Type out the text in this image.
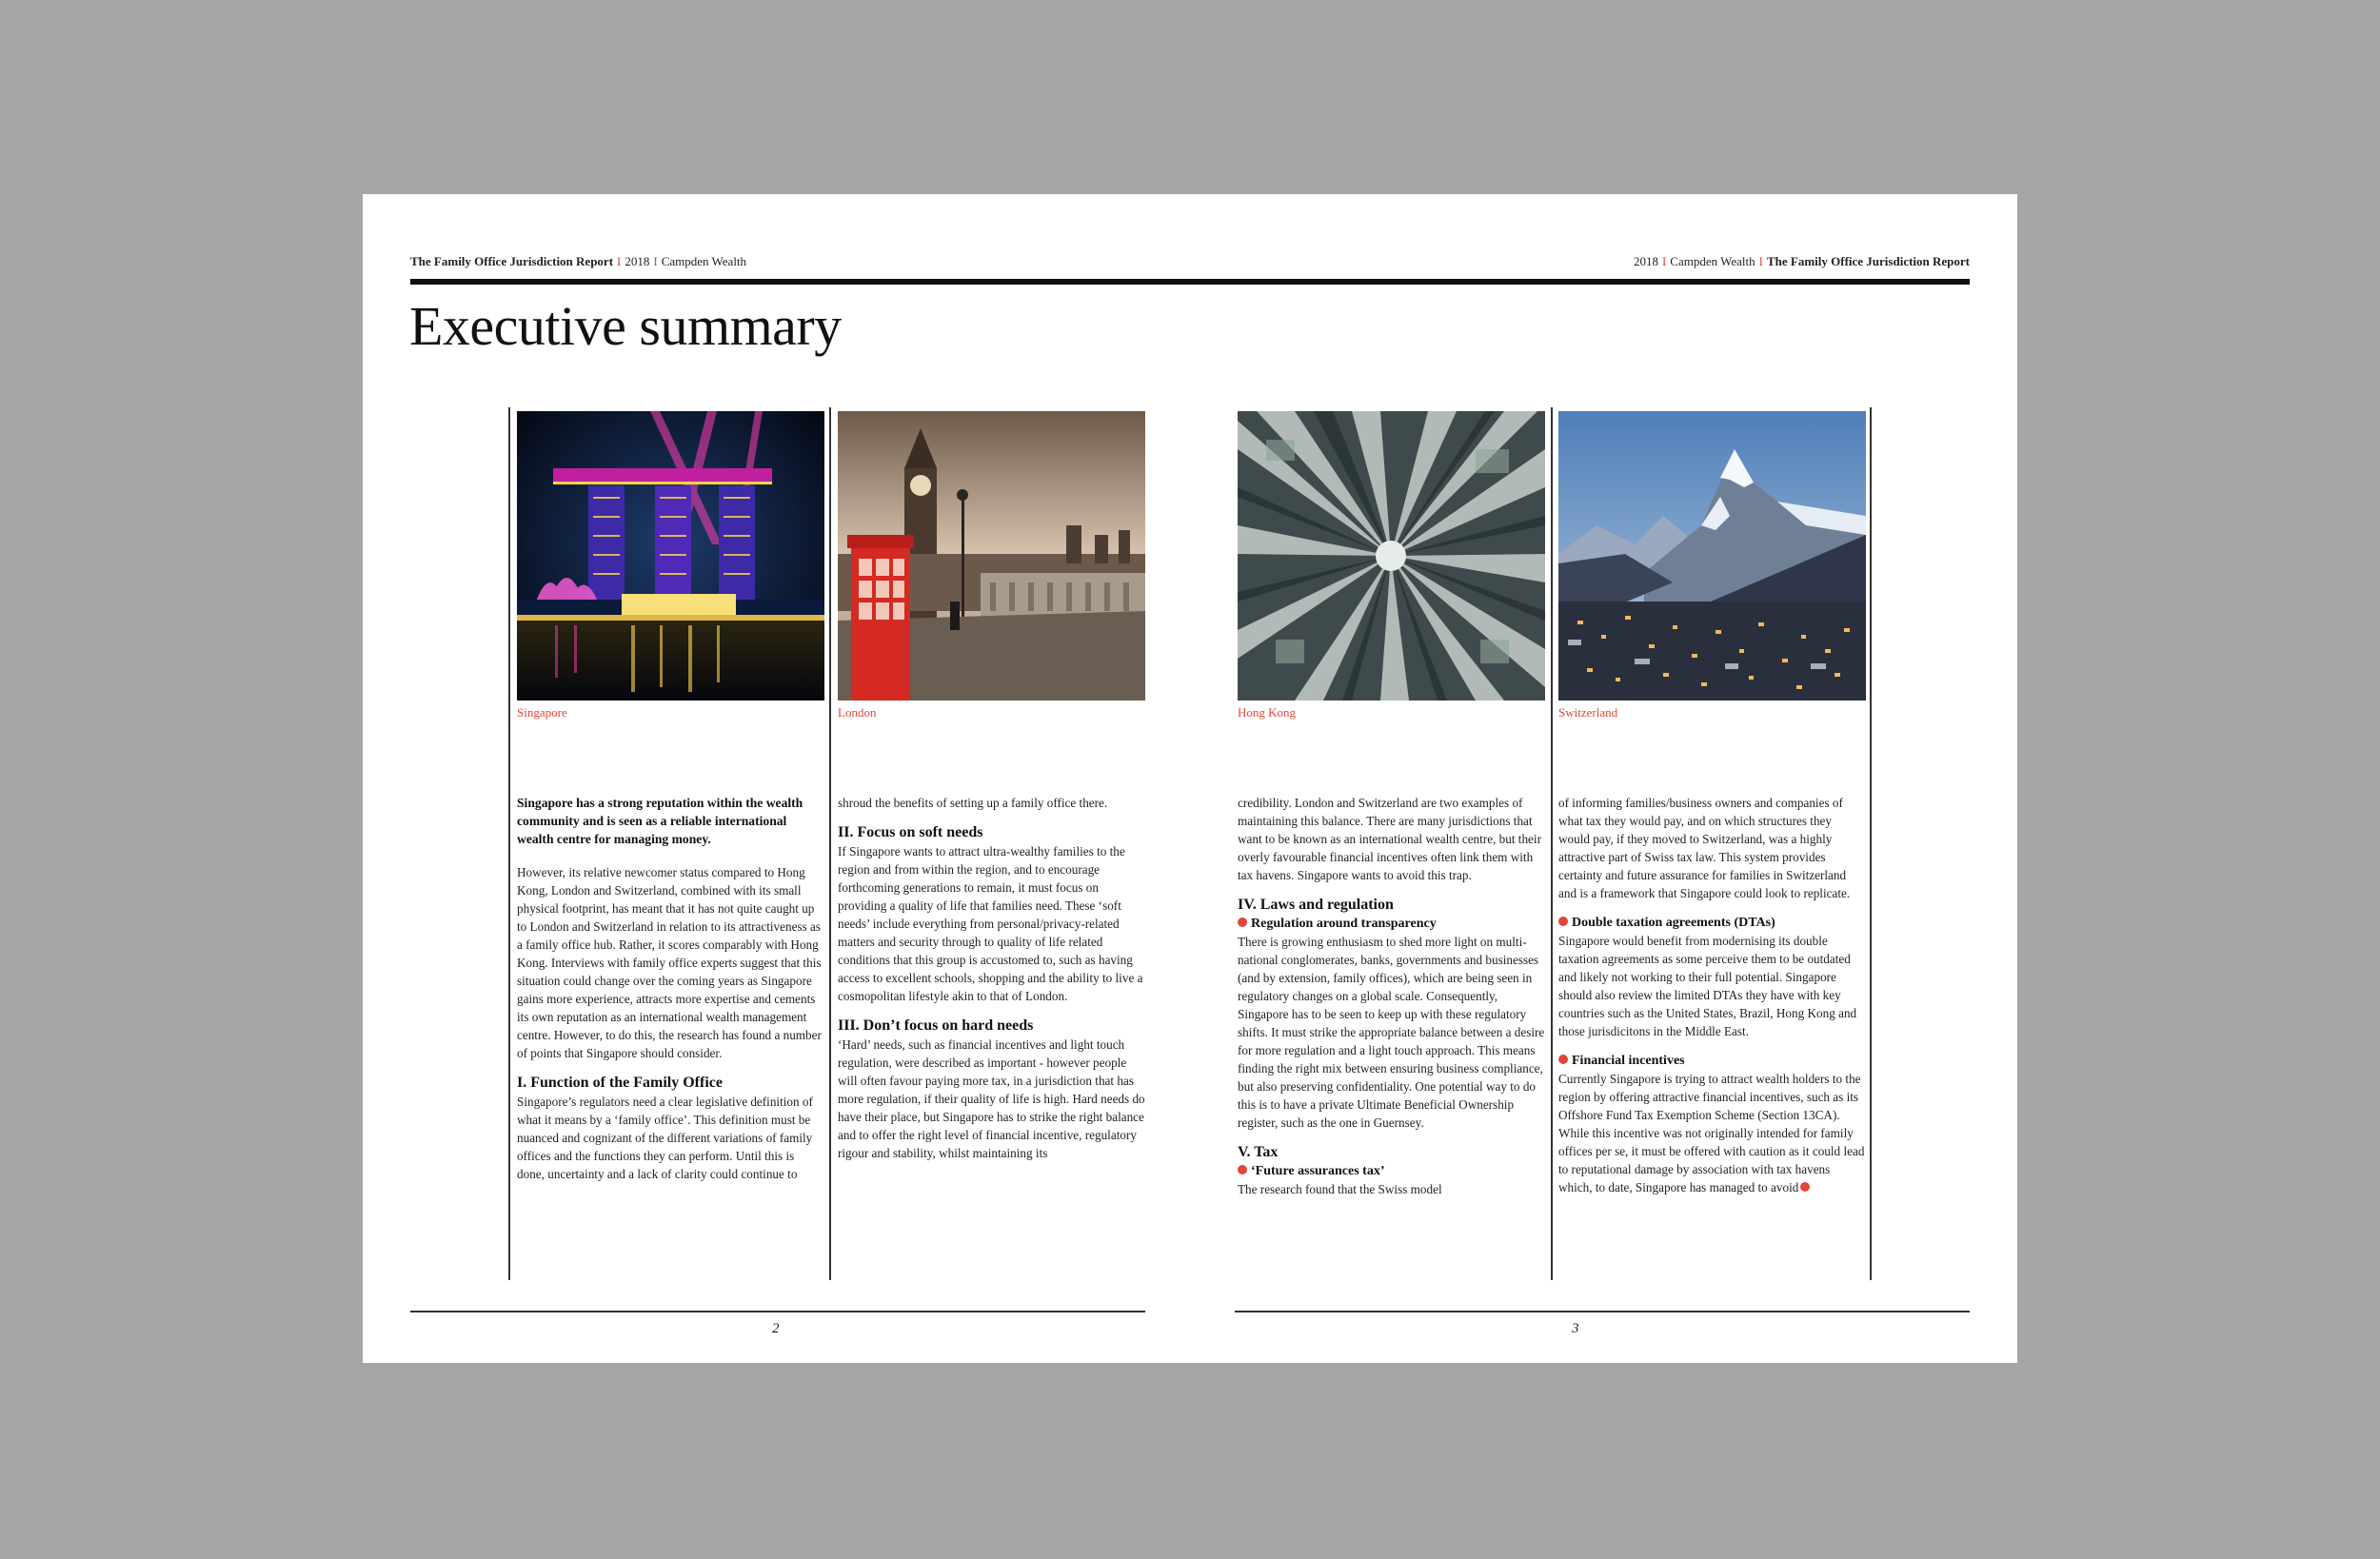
The Family Office Jurisdiction Report I 2018 I Campden Wealth	2018 I Campden Wealth I The Family Office Jurisdiction Report
Executive summary
Singapore	London	Hong Kong	Switzerland

Singapore has a strong reputation within the wealth community and is seen as a reliable international wealth centre for managing money.

However, its relative newcomer status compared to Hong Kong, London and Switzerland, combined with its small physical footprint, has meant that it has not quite caught up to London and Switzerland in relation to its attractiveness as a family office hub. Rather, it scores comparably with Hong Kong. Interviews with family office experts suggest that this situation could change over the coming years as Singapore gains more experience, attracts more expertise and cements its own reputation as an international wealth management centre. However, to do this, the research has found a number of points that Singapore should consider.

I. Function of the Family Office

Singapore’s regulators need a clear legislative definition of what it means by a ‘family office’. This definition must be nuanced and cognizant of the different variations of family offices and the functions they can perform. Until this is done, uncertainty and a lack of clarity could continue to

shroud the benefits of setting up a family office there.

II. Focus on soft needs

If Singapore wants to attract ultra-wealthy families to the region and from within the region, and to encourage forthcoming generations to remain, it must focus on providing a quality of life that families need. These ‘soft needs’ include everything from personal/privacy-related matters and security through to quality of life related conditions that this group is accustomed to, such as having access to excellent schools, shopping and the ability to live a cosmopolitan lifestyle akin to that of London.

III. Don’t focus on hard needs

‘Hard’ needs, such as financial incentives and light touch regulation, were described as important - however people will often favour paying more tax, in a jurisdiction that has more regulation, if their quality of life is high. Hard needs do have their place, but Singapore has to strike the right balance and to offer the right level of financial incentive, regulatory rigour and stability, whilst maintaining its

credibility. London and Switzerland are two examples of maintaining this balance. There are many jurisdictions that want to be known as an international wealth centre, but their overly favourable financial incentives often link them with tax havens. Singapore wants to avoid this trap.

IV. Laws and regulation
Regulation around transparency

There is growing enthusiasm to shed more light on multi-national conglomerates, banks, governments and businesses (and by extension, family offices), which are being seen in regulatory changes on a global scale. Consequently, Singapore has to be seen to keep up with these regulatory shifts. It must strike the appropriate balance between a desire for more regulation and a light touch approach. This means finding the right mix between ensuring business compliance, but also preserving confidentiality. One potential way to do this is to have a private Ultimate Beneficial Ownership register, such as the one in Guernsey.

V. Tax
‘Future assurances tax’

The research found that the Swiss model

of informing families/business owners and companies of what tax they would pay, and on which structures they would pay, if they moved to Switzerland, was a highly attractive part of Swiss tax law. This system provides certainty and future assurance for families in Switzerland and is a framework that Singapore could look to replicate.

Double taxation agreements (DTAs)

Singapore would benefit from modernising its double taxation agreements as some perceive them to be outdated and likely not working to their full potential. Singapore should also review the limited DTAs they have with key countries such as the United States, Brazil, Hong Kong and those jurisdicitons in the Middle East.

Financial incentives

Currently Singapore is trying to attract wealth holders to the region by offering attractive financial incentives, such as its Offshore Fund Tax Exemption Scheme (Section 13CA). While this incentive was not originally intended for family offices per se, it must be offered with caution as it could lead to reputational damage by association with tax havens which, to date, Singapore has managed to avoid

2	3
